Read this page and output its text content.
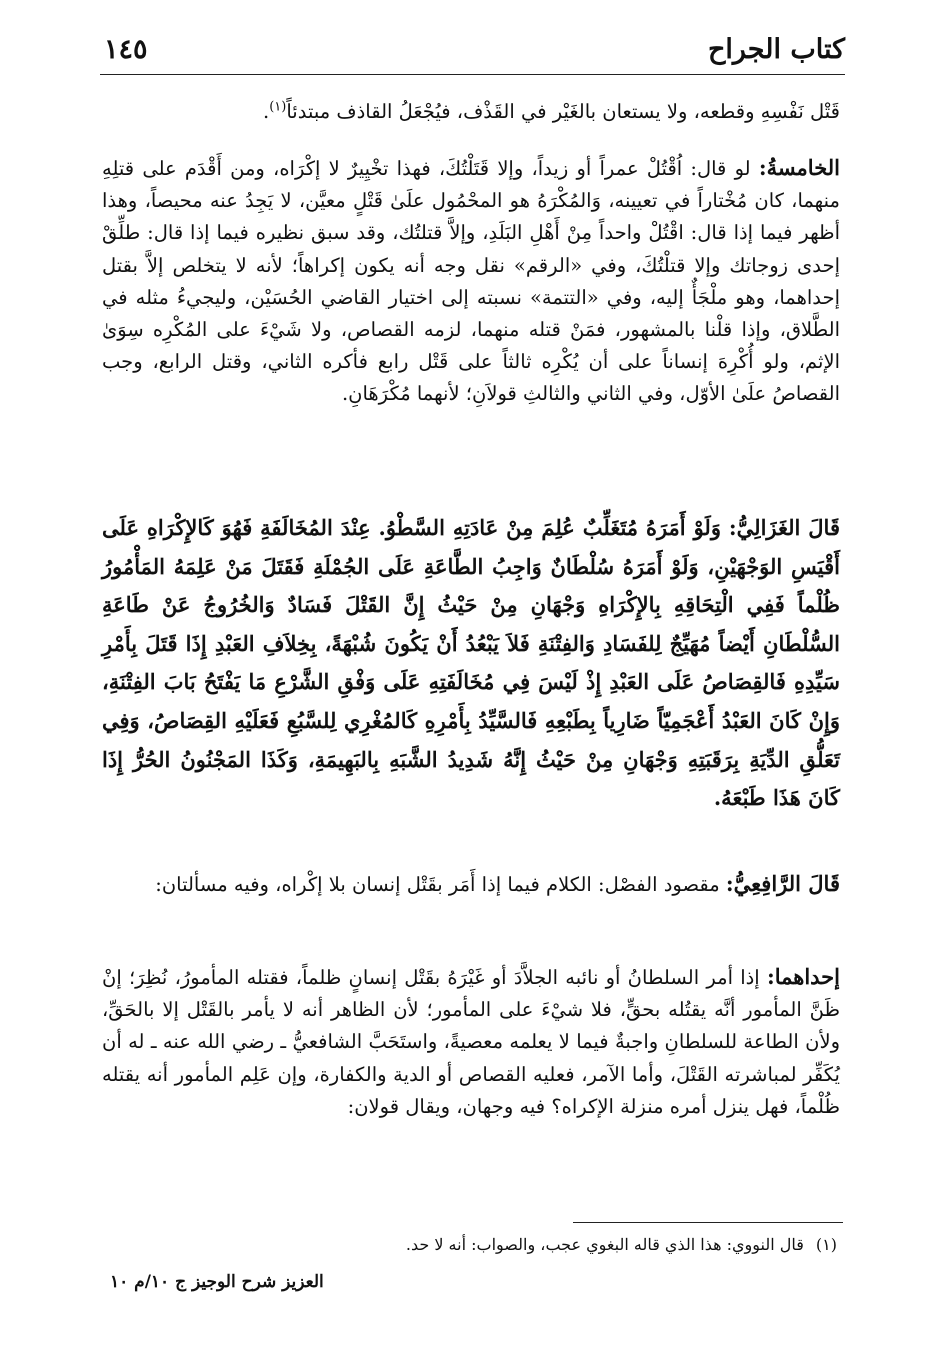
كتاب الجراح
١٤٥

قَتْل نَفْسِهِ وقطعه، ولا يستعان بالغَيْر في القَذْف، فيُجْعَلُ القاذف مبتدئاً$^{(١)}$.

الخامسةُ: لو قال: اُقْتُلْ عمراً أو زيداً، وإلا قَتَلْتُكَ، فهذا تخْيِيرٌ لا إكْرَاه، ومن أَقْدَم على قتلِهِ منهما، كان مُخْتاراً في تعيينه، وَالمُكْرَهُ هو المحْمُول علَىٰ قَتْلٍ معيَّن، لا يَجِدُ عنه محيصاً، وهذا أظهر فيما إذا قال: اقْتُلْ واحداً مِنْ أَهْلِ البَلَدِ، وإلاَّ قتلتُك، وقد سبق نظيره فيما إذا قال: طلِّقْ إحدى زوجاتك وإلا قتلْتُكَ، وفي «الرقم» نقل وجه أنه يكون إكراهاً؛ لأنه لا يتخلص إلاَّ بقتل إحداهما، وهو ملْجَأٌ إليه، وفي «التتمة» نسبته إلى اختيار القاضي الحُسَيْن، وليجيءُ مثله في الطَّلاق، وإذا قلْنا بالمشهور، فمَنْ قتله منهما، لزمه القصاص، ولا شَيْءَ على المُكْرِه سِوَىٰ الإثم، ولو أُكْرِهَ إنساناً على أن يُكْرِه ثالثاً على قَتْل رابع فأكره الثاني، وقتل الرابع، وجب القصاصُ علَىٰ الأوّل، وفي الثاني والثالثِ قولاَنِ؛ لأنهما مُكْرَهَانِ.

قَالَ الغَزَالِيُّ: وَلَوْ أَمَرَهُ مُتَغَلِّبٌ عُلِمَ مِنْ عَادَتِهِ السَّطْوُ. عِنْدَ المُخَالَفَةِ فَهُوَ كَالإِكْرَاهِ عَلَى أَقْيَسِ الوَجْهَيْنِ، وَلَوْ أَمَرَهُ سُلْطَانٌ وَاجِبُ الطَّاعَةِ عَلَى الجُمْلَةِ فَقَتَلَ مَنْ عَلِمَهُ المَأْمُورُ ظُلْماً فَفِي الْتِحَاقِهِ بِالإِكْرَاهِ وَجْهَانِ مِنْ حَيْثُ إِنَّ القَتْلَ فَسَادٌ وَالخُرُوجُ عَنْ طَاعَةِ السُّلْطَانِ أَيْضاً مُهَيِّجٌ لِلفَسَادِ وَالفِتْنَةِ فَلاَ يَبْعُدُ أَنْ يَكُونَ شُبْهَةً، بِخِلاَفِ العَبْدِ إِذَا قَتَلَ بِأَمْرِ سَيِّدِهِ فَالقِصَاصُ عَلَى العَبْدِ إِذْ لَيْسَ فِي مُخَالَفَتِهِ عَلَى وَفْقِ الشَّرْعِ مَا يَفْتَحُ بَابَ الفِتْنَةِ، وَإِنْ كَانَ العَبْدُ أَعْجَمِيّاً ضَارِياً بِطَبْعِهِ فَالسَّيِّدُ بِأَمْرِهِ كَالمُغْرِي لِلسَّبُعِ فَعَلَيْهِ القِصَاصُ، وَفِي تَعَلُّقِ الدِّيَةِ بِرَقَبَتِهِ وَجْهَانِ مِنْ حَيْثُ إِنَّهُ شَدِيدُ الشَّبَهِ بِالبَهِيمَةِ، وَكَذَا المَجْنُونُ الحُرُّ إِذَا كَانَ هَذَا طَبْعَهُ.

قَالَ الرَّافِعِيُّ: مقصود الفصْل: الكلام فيما إذا أَمَر بقَتْل إنسان بلا إكْراه، وفيه مسألتان:

إحداهما: إذا أمر السلطانُ أو نائبه الجلاَّدَ أو غَيْرَهُ بقَتْل إنسانٍ ظلماً، فقتله المأمورُ، نُظِرَ؛ إنْ ظَنَّ المأمور أنَّه يقتُله بحقٍّ، فلا شيْءَ على المأمور؛ لأن الظاهر أنه لا يأمر بالقَتْل إلا بالحَقِّ، ولأن الطاعة للسلطانِ واجبةٌ فيما لا يعلمه معصيةً، واستَحَبَّ الشافعيُّ ـ رضي الله عنه ـ له أن يُكَفِّر لمباشرته القَتْلَ، وأما الآمر، فعليه القصاص أو الدية والكفارة، وإن عَلِم المأمور أنه يقتله ظُلْماً، فهل ينزل أمره منزلة الإكراه؟ فيه وجهان، ويقال قولان:

(١)قال النووي: هذا الذي قاله البغوي عجب، والصواب: أنه لا حد.
العزيز شرح الوجيز ج ١٠/م ١٠
